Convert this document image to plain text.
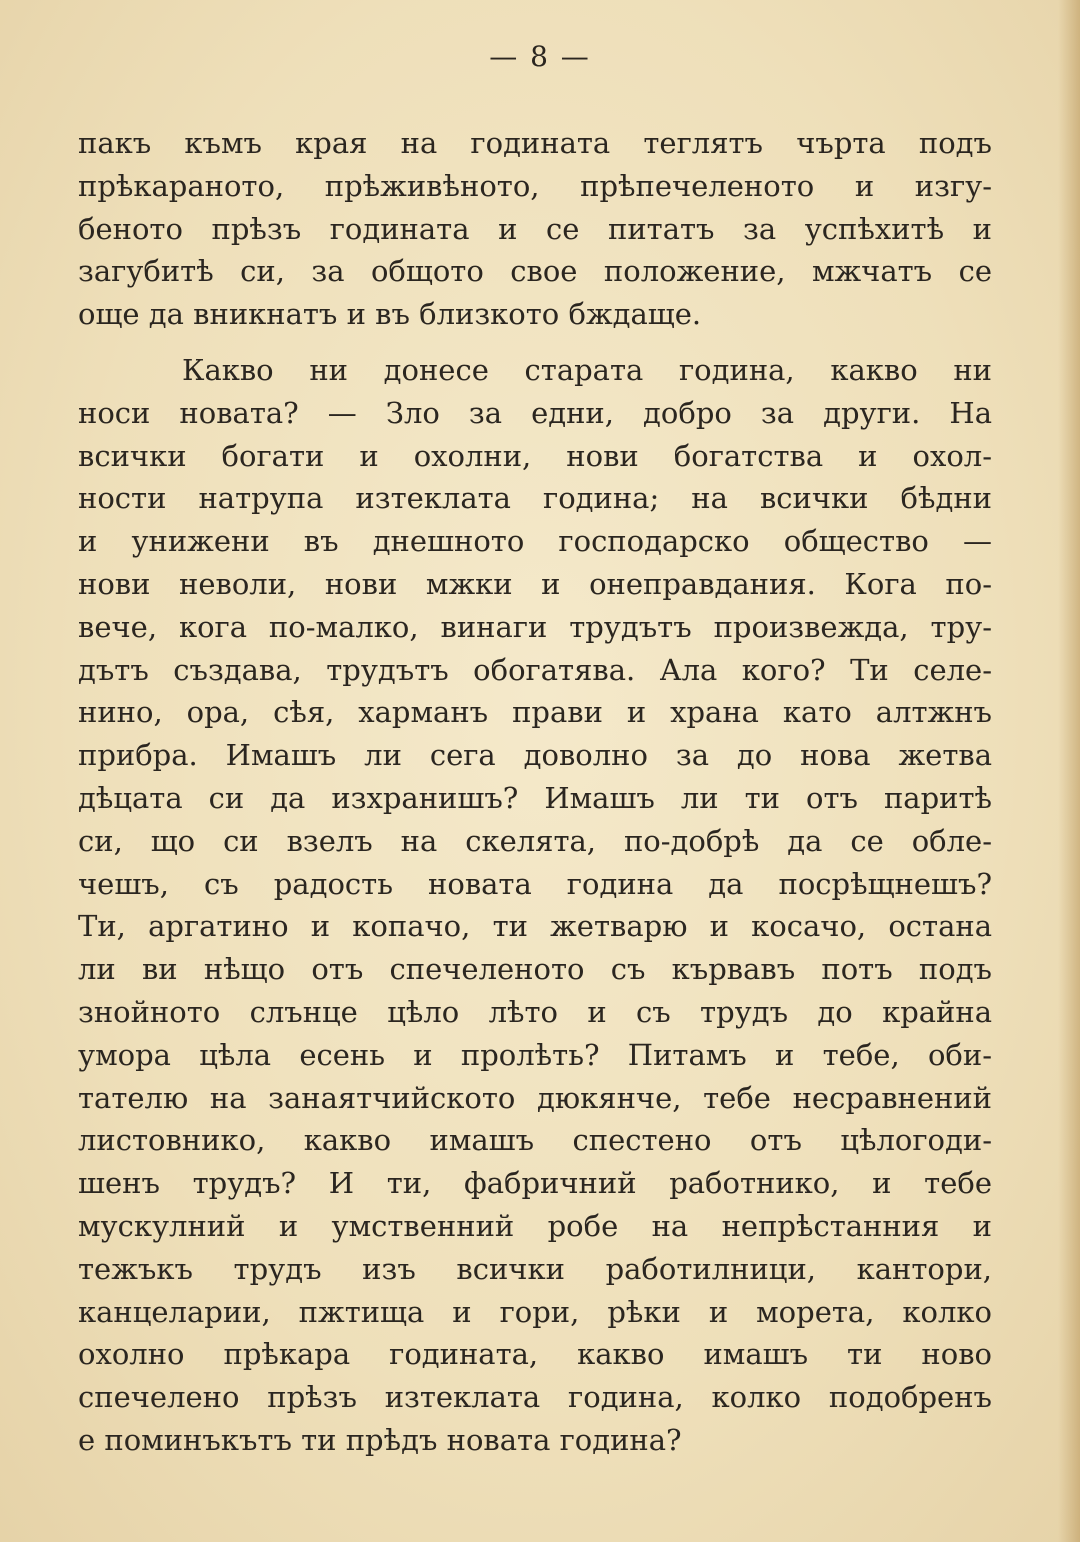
— 8 —

пакъ къмъ края на годината теглятъ чърта подъ
прѣкараното, прѣживѣното, прѣпечеленото и изгу-
беното прѣзъ годината и се питатъ за успѣхитѣ и
загубитѣ си, за общото свое положение, мжчатъ се
още да вникнатъ и въ близкото бждаще.
Какво ни донесе старата година, какво ни
носи новата? — Зло за едни, добро за други. На
всички богати и охолни, нови богатства и охол-
ности натрупа изтеклата година; на всички бѣдни
и унижени въ днешното господарско общество —
нови неволи, нови мжки и онеправдания. Кога по-
вече, кога по-малко, винаги трудътъ произвежда, тру-
дътъ създава, трудътъ обогатява. Ала кого? Ти селе-
нино, ора, сѣя, харманъ прави и храна като алтжнъ
прибра. Имашъ ли сега доволно за до нова жетва
дѣцата си да изхранишъ? Имашъ ли ти отъ паритѣ
си, що си взелъ на скелята, по-добрѣ да се обле-
чешъ, съ радость новата година да посрѣщнешъ?
Ти, аргатино и копачо, ти жетварю и косачо, остана
ли ви нѣщо отъ спечеленото съ кървавъ потъ подъ
знойното слънце цѣло лѣто и съ трудъ до крайна
умора цѣла есень и пролѣть? Питамъ и тебе, оби-
тателю на занаятчийското дюкянче, тебе несравнений
листовнико, какво имашъ спестено отъ цѣлогоди-
шенъ трудъ? И ти, фабричний работнико, и тебе
мускулний и умственний робе на непрѣстанния и
тежъкъ трудъ изъ всички работилници, кантори,
канцеларии, пжтища и гори, рѣки и морета, колко
охолно прѣкара годината, какво имашъ ти ново
спечелено прѣзъ изтеклата година, колко подобренъ
е поминъкътъ ти прѣдъ новата година?
